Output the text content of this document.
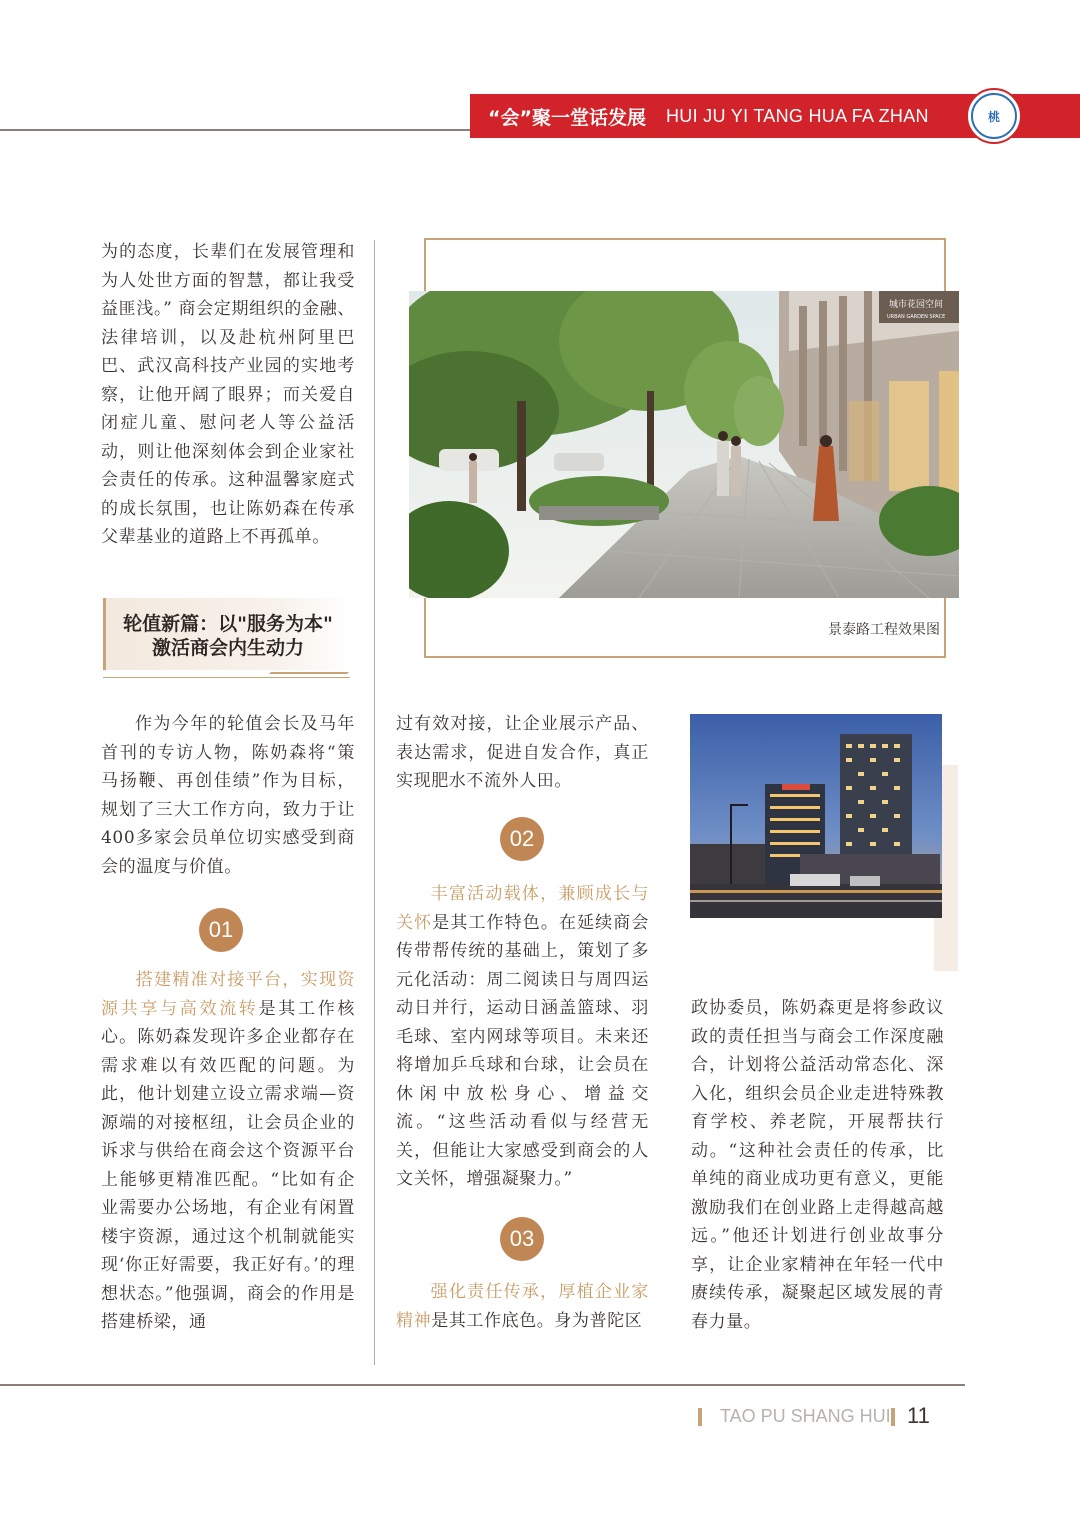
“会”聚一堂话发展 HUI JU YI TANG HUA FA ZHAN	桃

为的态度，长辈们在发展管理和为人处世方面的智慧，都让我受益匪浅。” 商会定期组织的金融、法律培训，以及赴杭州阿里巴巴、武汉高科技产业园的实地考察，让他开阔了眼界；而关爱自闭症儿童、慰问老人等公益活动，则让他深刻体会到企业家社会责任的传承。这种温馨家庭式的成长氛围，也让陈奶森在传承父辈基业的道路上不再孤单。

轮值新篇：以"服务为本"
激活商会内生动力

作为今年的轮值会长及马年首刊的专访人物，陈奶森将“策马扬鞭、再创佳绩”作为目标，规划了三大工作方向，致力于让400多家会员单位切实感受到商会的温度与价值。

01

搭建精准对接平台，实现资源共享与高效流转是其工作核心。陈奶森发现许多企业都存在需求难以有效匹配的问题。为此，他计划建立设立需求端—资源端的对接枢纽，让会员企业的诉求与供给在商会这个资源平台上能够更精准匹配。“比如有企业需要办公场地，有企业有闲置楼宇资源，通过这个机制就能实现‘你正好需要，我正好有。’的理想状态。”他强调，商会的作用是搭建桥梁，通

城市花园空间
URBAN GARDEN SPACE
景泰路工程效果图

过有效对接，让企业展示产品、表达需求，促进自发合作，真正实现肥水不流外人田。

02

丰富活动载体，兼顾成长与关怀是其工作特色。在延续商会传带帮传统的基础上，策划了多元化活动：周二阅读日与周四运动日并行，运动日涵盖篮球、羽毛球、室内网球等项目。未来还将增加乒乓球和台球，让会员在休闲中放松身心、增益交流。“这些活动看似与经营无关，但能让大家感受到商会的人文关怀，增强凝聚力。”

03

强化责任传承，厚植企业家精神是其工作底色。身为普陀区

政协委员，陈奶森更是将参政议政的责任担当与商会工作深度融合，计划将公益活动常态化、深入化，组织会员企业走进特殊教育学校、养老院，开展帮扶行动。“这种社会责任的传承，比单纯的商业成功更有意义，更能激励我们在创业路上走得越高越远。”他还计划进行创业故事分享，让企业家精神在年轻一代中赓续传承，凝聚起区域发展的青春力量。

TAO PU SHANG HUI 11
